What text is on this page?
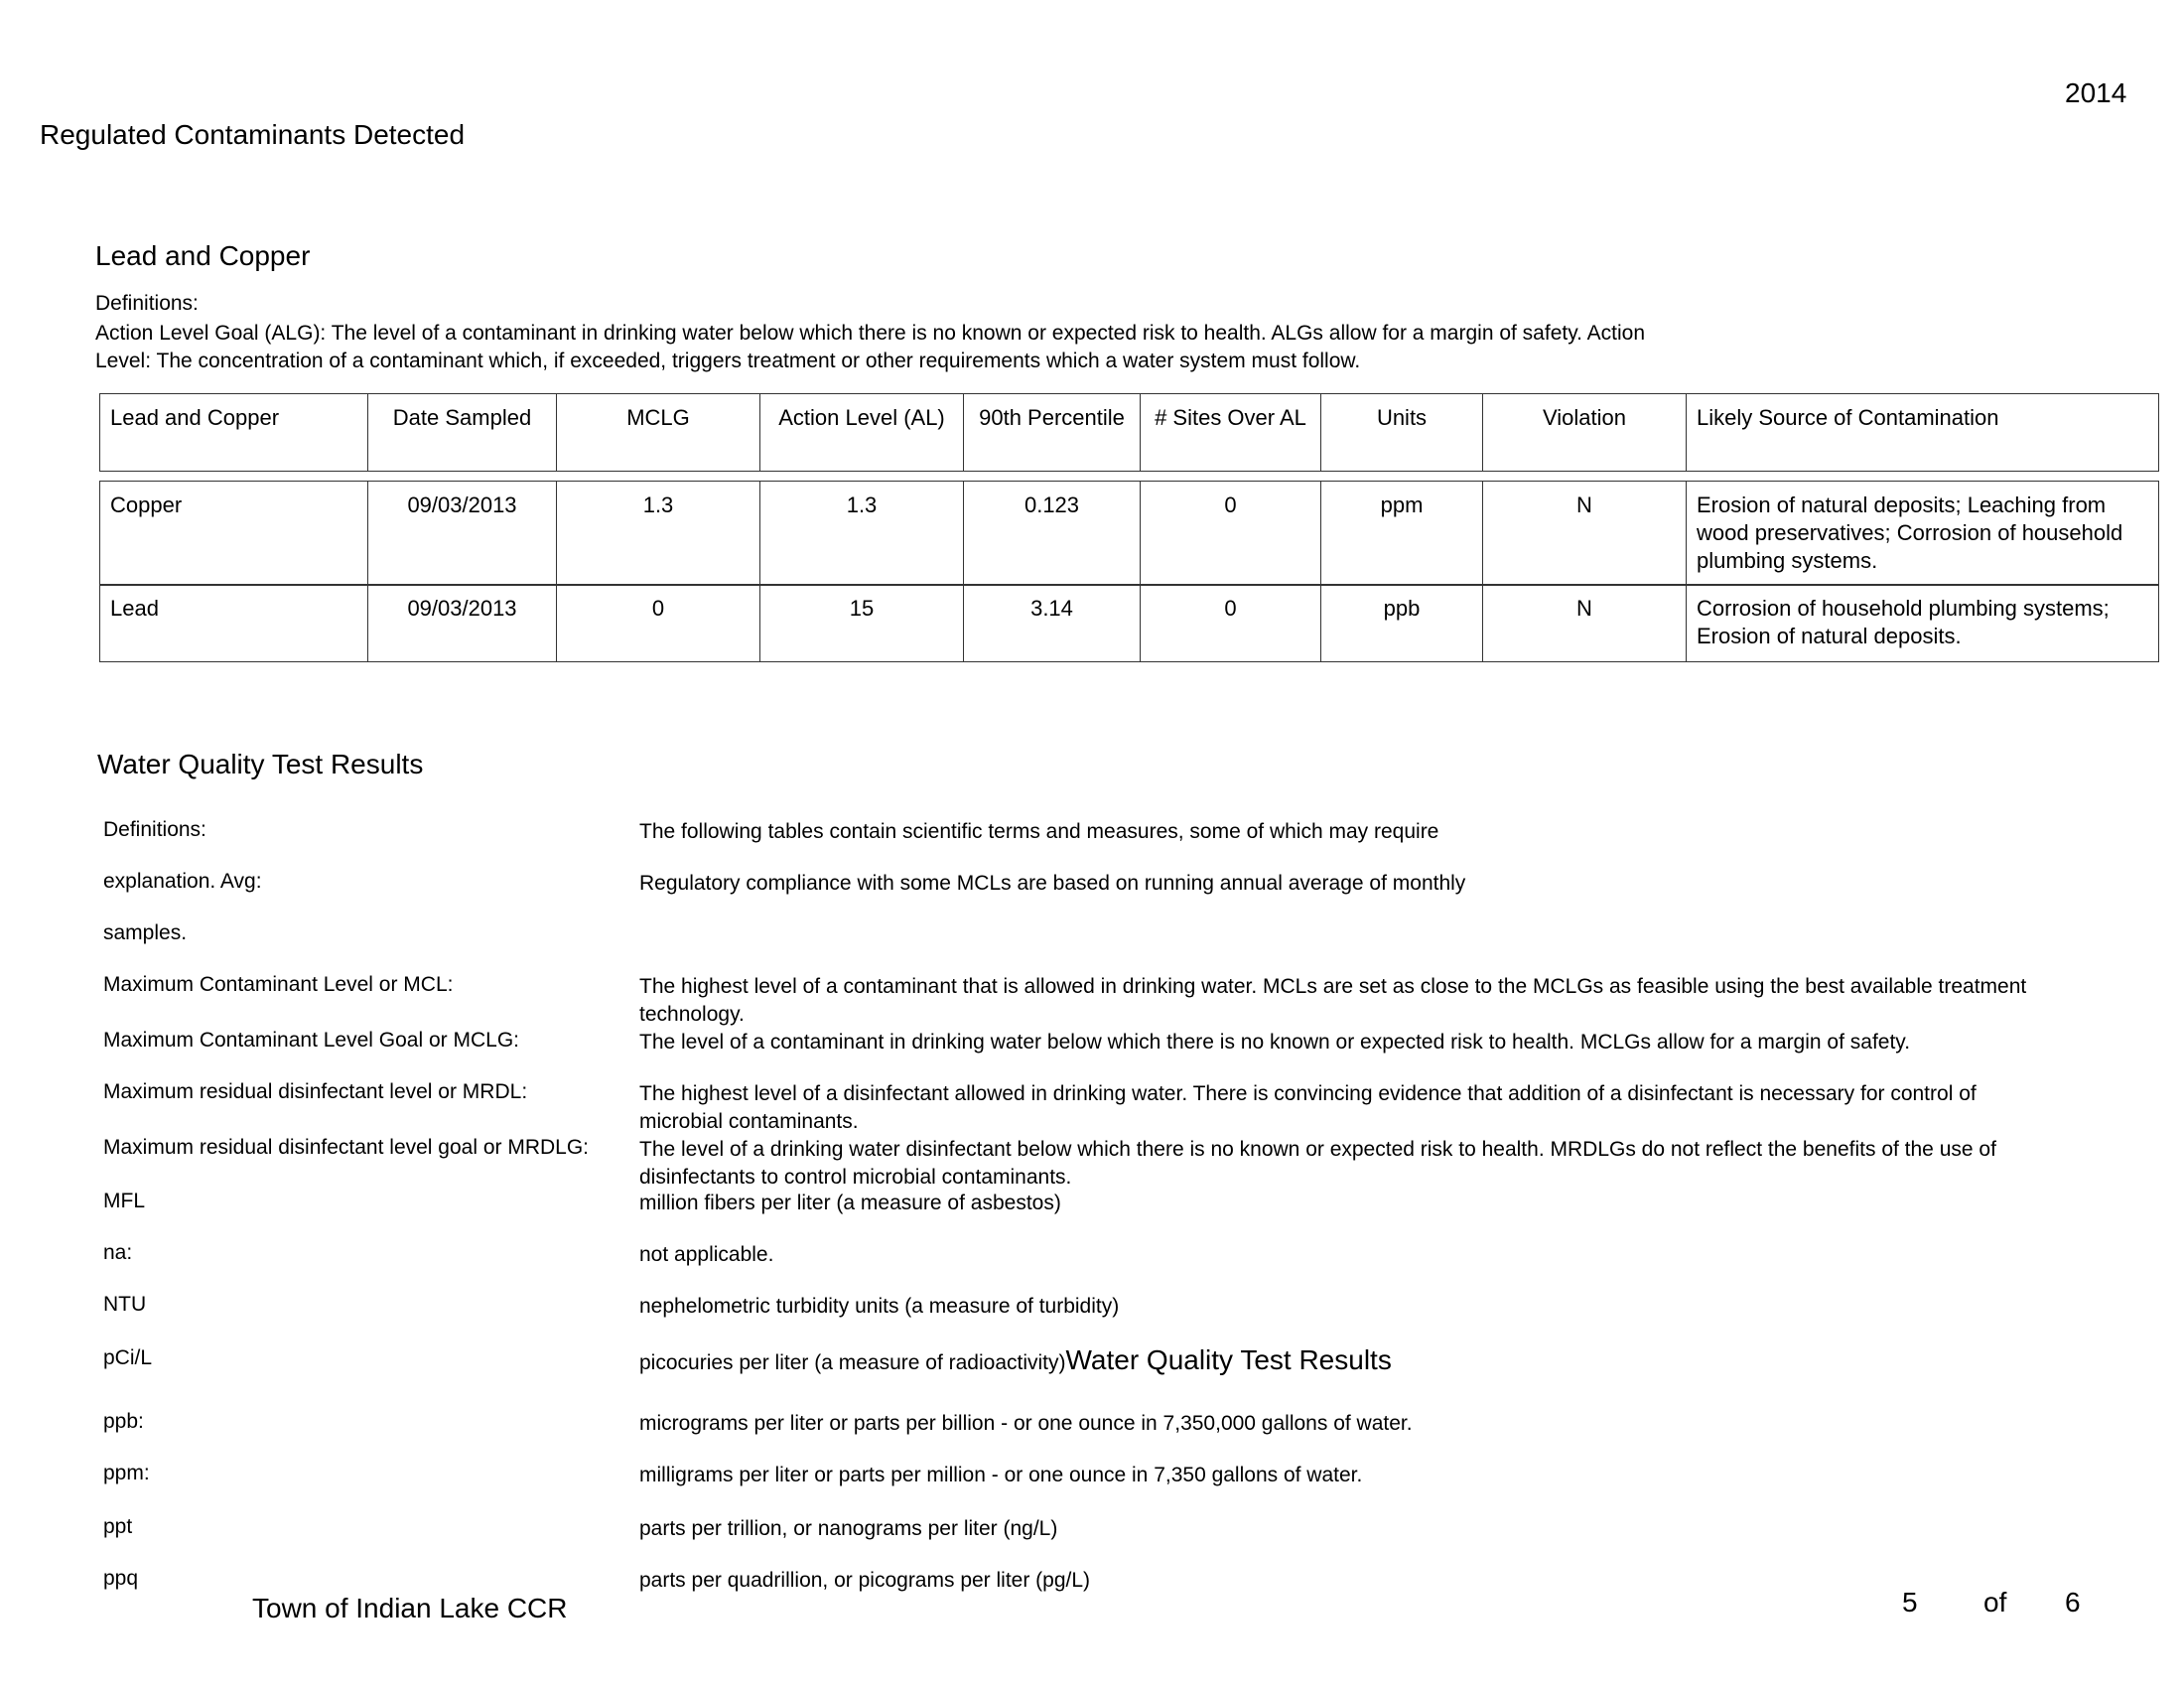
2014
Regulated Contaminants Detected
Lead and Copper
Definitions:
Action Level Goal (ALG): The level of a contaminant in drinking water below which there is no known or expected risk to health. ALGs allow for a margin of safety. Action Level: The concentration of a contaminant which, if exceeded, triggers treatment or other requirements which a water system must follow.
Lead and Copper	Date Sampled	MCLG	Action Level (AL)	90th Percentile	# Sites Over AL	Units	Violation	Likely Source of Contamination
Copper	09/03/2013	1.3	1.3	0.123	0	ppm	N	Erosion of natural deposits; Leaching from wood preservatives; Corrosion of household plumbing systems.
Lead	09/03/2013	0	15	3.14	0	ppb	N	Corrosion of household plumbing systems; Erosion of natural deposits.
Water Quality Test Results
Definitions:	The following tables contain scientific terms and measures, some of which may require
explanation. Avg:	Regulatory compliance with some MCLs are based on running annual average of monthly
samples.
Maximum Contaminant Level or MCL:	The highest level of a contaminant that is allowed in drinking water. MCLs are set as close to the MCLGs as feasible using the best available treatment technology.
Maximum Contaminant Level Goal or MCLG:	The level of a contaminant in drinking water below which there is no known or expected risk to health. MCLGs allow for a margin of safety.
Maximum residual disinfectant level or MRDL:	The highest level of a disinfectant allowed in drinking water. There is convincing evidence that addition of a disinfectant is necessary for control of microbial contaminants.
Maximum residual disinfectant level goal or MRDLG: The level of a drinking water disinfectant below which there is no known or expected risk to health. MRDLGs do not reflect the benefits of the use of disinfectants to control microbial contaminants.
MFL	million fibers per liter (a measure of asbestos)
na:	not applicable.
NTU	nephelometric turbidity units (a measure of turbidity)
pCi/L	picocuries per liter (a measure of radioactivity)Water Quality Test Results
ppb:	micrograms per liter or parts per billion - or one ounce in 7,350,000 gallons of water.
ppm:	milligrams per liter or parts per million - or one ounce in 7,350 gallons of water.
ppt	parts per trillion, or nanograms per liter (ng/L)
ppq	parts per quadrillion, or picograms per liter (pg/L)
Town of Indian Lake CCR	5 of 6
